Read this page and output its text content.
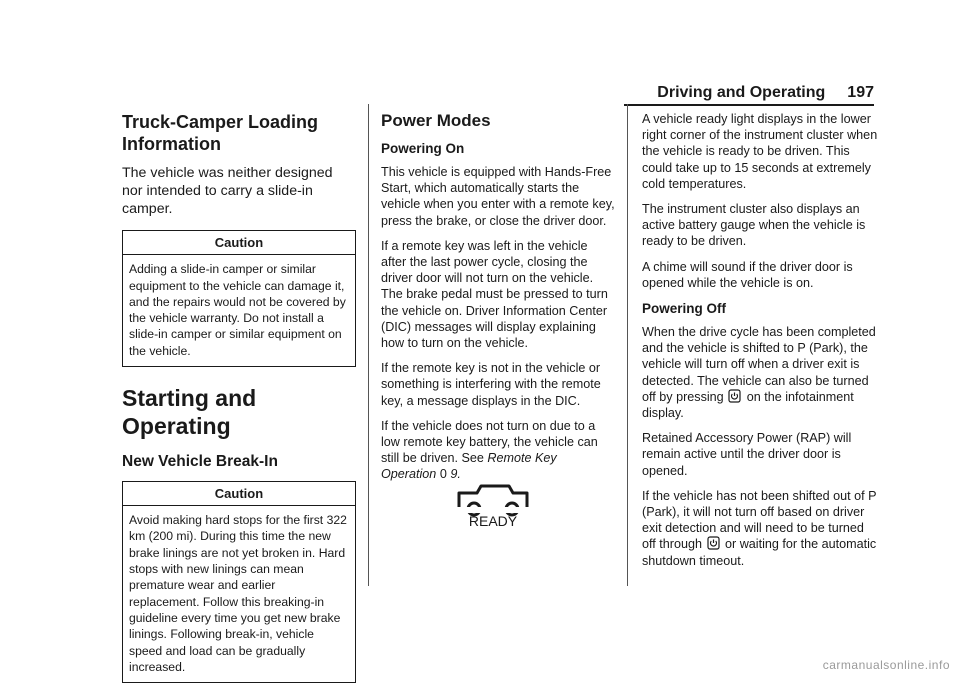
Driving and Operating 197
Truck-Camper Loading Information

The vehicle was neither designed nor intended to carry a slide-in camper.

Caution
Adding a slide-in camper or similar equipment to the vehicle can damage it, and the repairs would not be covered by the vehicle warranty. Do not install a slide-in camper or similar equipment on the vehicle.
Starting and Operating
New Vehicle Break-In
Caution
Avoid making hard stops for the first 322 km (200 mi). During this time the new brake linings are not yet broken in. Hard stops with new linings can mean premature wear and earlier replacement. Follow this breaking-in guideline every time you get new brake linings. Following break-in, vehicle speed and load can be gradually increased.
Power Modes
Powering On

This vehicle is equipped with Hands-Free Start, which automatically starts the vehicle when you enter with a remote key, press the brake, or close the driver door.

If a remote key was left in the vehicle after the last power cycle, closing the driver door will not turn on the vehicle. The brake pedal must be pressed to turn the vehicle on. Driver Information Center (DIC) messages will display explaining how to turn on the vehicle.

If the remote key is not in the vehicle or something is interfering with the remote key, a message displays in the DIC.

If the vehicle does not turn on due to a low remote key battery, the vehicle can still be driven. See Remote Key Operation 0 9.

READY

A vehicle ready light displays in the lower right corner of the instrument cluster when the vehicle is ready to be driven. This could take up to 15 seconds at extremely cold temperatures.

The instrument cluster also displays an active battery gauge when the vehicle is ready to be driven.

A chime will sound if the driver door is opened while the vehicle is on.

Powering Off

When the drive cycle has been completed and the vehicle is shifted to P (Park), the vehicle will turn off when a driver exit is detected. The vehicle can also be turned off by pressing on the infotainment display.

Retained Accessory Power (RAP) will remain active until the driver door is opened.

If the vehicle has not been shifted out of P (Park), it will not turn off based on driver exit detection and will need to be turned off through or waiting for the automatic shutdown timeout.

carmanualsonline.info
